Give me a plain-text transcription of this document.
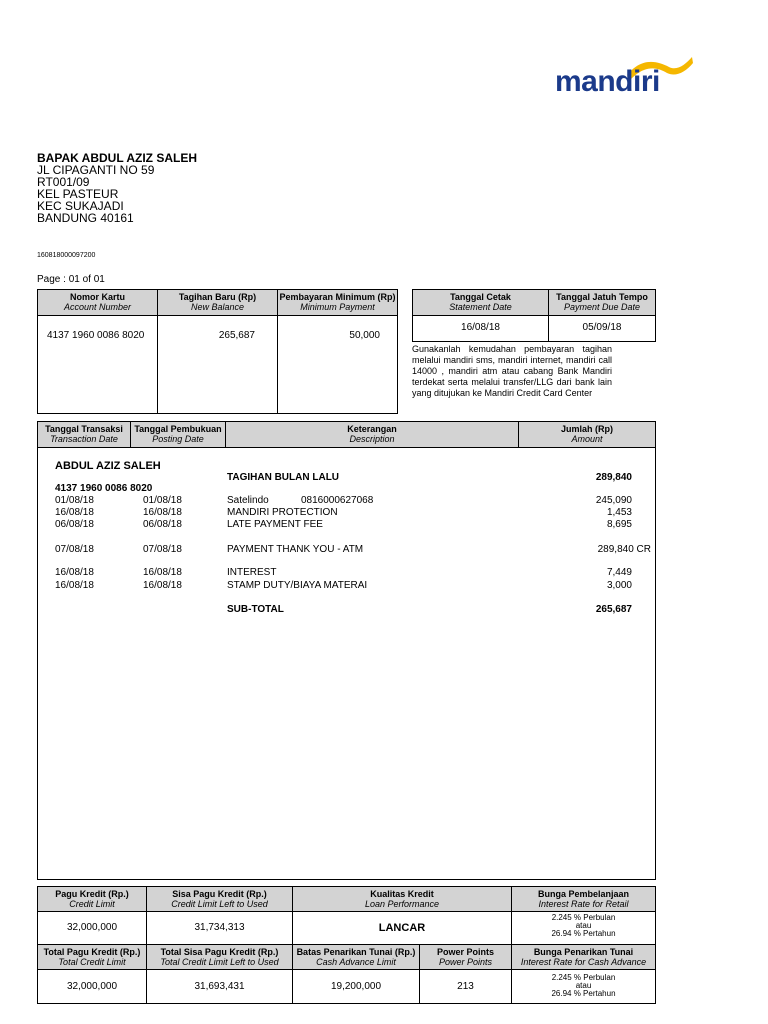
mandiri
BAPAK ABDUL AZIZ SALEH
JL CIPAGANTI NO 59
RT001/09
KEL PASTEUR
KEC SUKAJADI
BANDUNG 40161
160818000097200
Page : 01 of 01
Nomor Kartu
Account Number
Tagihan Baru (Rp)
New Balance
Pembayaran Minimum (Rp)
Minimum Payment
4137 1960 0086 8020	265,687	50,000
Tanggal Cetak
Statement Date
Tanggal Jatuh Tempo
Payment Due Date
16/08/18	05/09/18
Gunakanlah kemudahan pembayaran tagihan melalui mandiri sms, mandiri internet, mandiri call 14000 , mandiri atm atau cabang Bank Mandiri terdekat serta melalui transfer/LLG dari bank lain yang ditujukan ke Mandiri Credit Card Center
Tanggal Transaksi
Transaction Date
Tanggal Pembukuan
Posting Date
Keterangan
Description
Jumlah (Rp)
Amount
ABDUL AZIZ SALEH
TAGIHAN BULAN LALU	289,840
4137 1960 0086 8020
01/08/18	01/08/18	Satelindo	0816000627068	245,090
16/08/18	16/08/18	MANDIRI PROTECTION	1,453
06/08/18	06/08/18	LATE PAYMENT FEE	8,695
07/08/18	07/08/18	PAYMENT THANK YOU - ATM	289,840 CR
16/08/18	16/08/18	INTEREST	7,449
16/08/18	16/08/18	STAMP DUTY/BIAYA MATERAI	3,000
SUB-TOTAL	265,687
Pagu Kredit (Rp.)
Credit Limit
Sisa Pagu Kredit (Rp.)
Credit Limit Left to Used
Kualitas Kredit
Loan Performance
Bunga Pembelanjaan
Interest Rate for Retail
32,000,000	31,734,313	LANCAR
2.245 % Perbulan
atau
26.94 % Pertahun
Total Pagu Kredit (Rp.)
Total Credit Limit
Total Sisa Pagu Kredit (Rp.)
Total Credit Limit Left to Used
Batas Penarikan Tunai (Rp.)
Cash Advance Limit
Power Points
Power Points
Bunga Penarikan Tunai
Interest Rate for Cash Advance
32,000,000	31,693,431	19,200,000	213
2.245 % Perbulan
atau
26.94 % Pertahun
